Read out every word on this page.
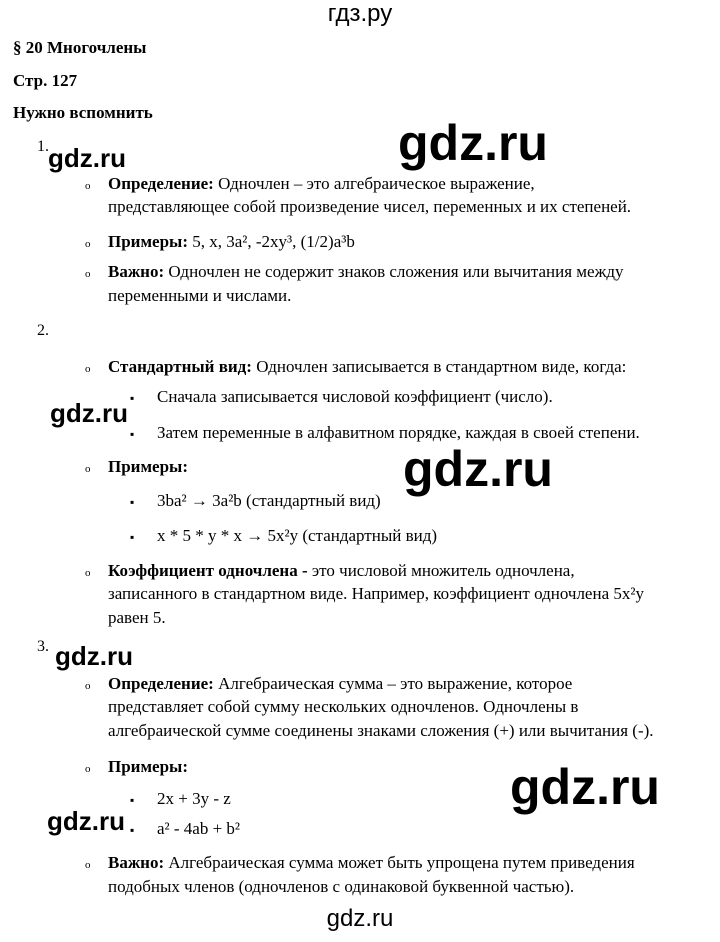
гдз.ру
§ 20 Многочлены
Стр. 127
Нужно вспомнить
1.
o Определение: Одночлен – это алгебраическое выражение,
представляющее собой произведение чисел, переменных и их степеней.
o Примеры: 5, x, 3a², -2xy³, (1/2)a³b
o Важно: Одночлен не содержит знаков сложения или вычитания между
переменными и числами.
2.
o Стандартный вид: Одночлен записывается в стандартном виде, когда:
▪ Сначала записывается числовой коэффициент (число).
▪ Затем переменные в алфавитном порядке, каждая в своей степени.
o Примеры:
▪ 3ba² → 3a²b (стандартный вид)
▪ x * 5 * y * x → 5x²y (стандартный вид)
o Коэффициент одночлена - это числовой множитель одночлена,
записанного в стандартном виде. Например, коэффициент одночлена 5x²y
равен 5.
3.
o Определение: Алгебраическая сумма – это выражение, которое
представляет собой сумму нескольких одночленов. Одночлены в
алгебраической сумме соединены знаками сложения (+) или вычитания (-).
o Примеры:
▪ 2x + 3y - z
▪ a² - 4ab + b²
o Важно: Алгебраическая сумма может быть упрощена путем приведения
подобных членов (одночленов с одинаковой буквенной частью).
gdz.ru
gdz.ru
gdz.ru
gdz.ru
gdz.ru
gdz.ru
gdz.ru
gdz.ru
